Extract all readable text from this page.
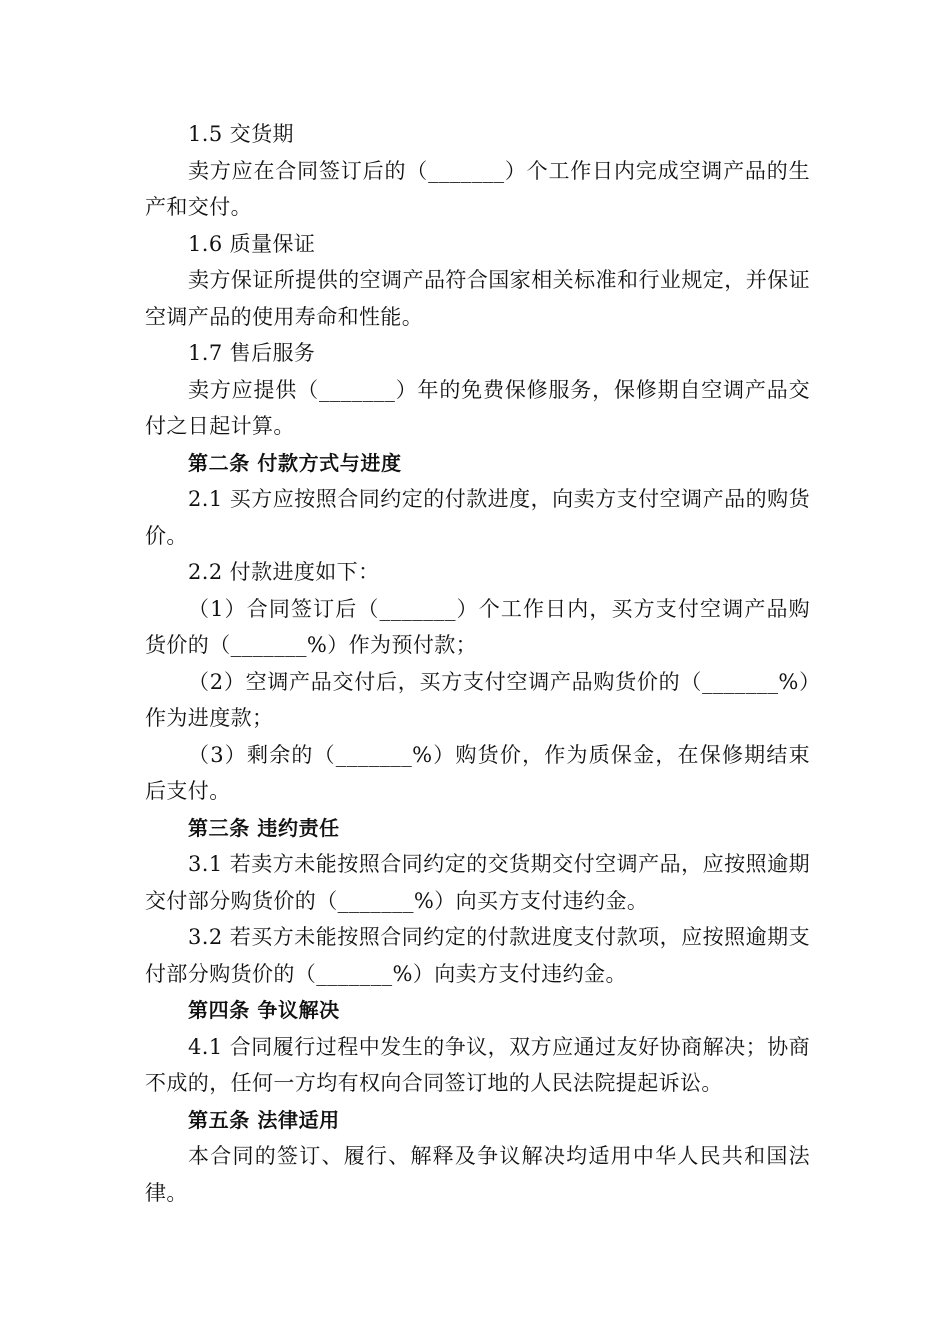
1.5 交货期

卖方应在合同签订后的（_______）个工作日内完成空调产品的生产和交付。

1.6 质量保证

卖方保证所提供的空调产品符合国家相关标准和行业规定，并保证空调产品的使用寿命和性能。

1.7 售后服务

卖方应提供（_______）年的免费保修服务，保修期自空调产品交付之日起计算。

第二条 付款方式与进度

2.1 买方应按照合同约定的付款进度，向卖方支付空调产品的购货价。

2.2 付款进度如下：

（1）合同签订后（_______）个工作日内，买方支付空调产品购货价的（_______%）作为预付款；

（2）空调产品交付后，买方支付空调产品购货价的（_______%）作为进度款；

（3）剩余的（_______%）购货价，作为质保金，在保修期结束后支付。

第三条 违约责任

3.1 若卖方未能按照合同约定的交货期交付空调产品，应按照逾期交付部分购货价的（_______%）向买方支付违约金。

3.2 若买方未能按照合同约定的付款进度支付款项，应按照逾期支付部分购货价的（_______%）向卖方支付违约金。

第四条 争议解决

4.1 合同履行过程中发生的争议，双方应通过友好协商解决；协商不成的，任何一方均有权向合同签订地的人民法院提起诉讼。

第五条 法律适用

本合同的签订、履行、解释及争议解决均适用中华人民共和国法律。
